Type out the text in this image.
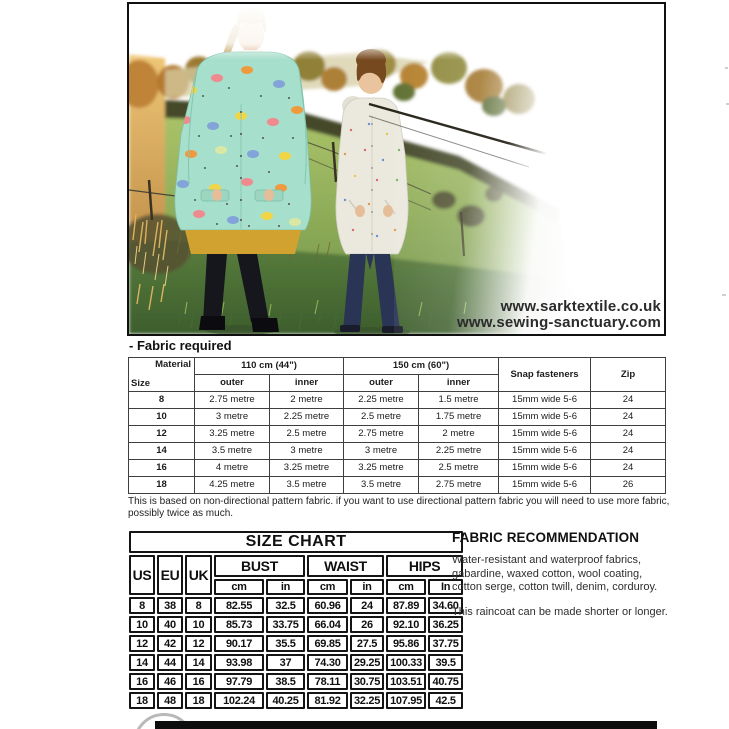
www.sarktextile.co.uk
www.sewing-sanctuary.com
- Fabric required
Material
Size	110 cm (44")		150 cm (60")		Snap fasteners	Zip
	outer	inner	outer	inner		
8	2.75 metre	2 metre	2.25 metre	1.5 metre	15mm wide 5-6	24
10	3 metre	2.25 metre	2.5 metre	1.75 metre	15mm wide 5-6	24
12	3.25 metre	2.5 metre	2.75 metre	2 metre	15mm wide 5-6	24
14	3.5 metre	3 metre	3 metre	2.25 metre	15mm wide 5-6	24
16	4 metre	3.25 metre	3.25 metre	2.5 metre	15mm wide 5-6	24
18	4.25 metre	3.5 metre	3.5 metre	2.75 metre	15mm wide 5-6	26
This is based on non-directional pattern fabric. if you want to use directional pattern fabric you will need to use more fabric, possibly twice as much.
SIZE CHART								
US	EU	UK	BUST		WAIST		HIPS	
			cm	in	cm	in	cm	In
8	38	8	82.55	32.5	60.96	24	87.89	34.60
10	40	10	85.73	33.75	66.04	26	92.10	36.25
12	42	12	90.17	35.5	69.85	27.5	95.86	37.75
14	44	14	93.98	37	74.30	29.25	100.33	39.5
16	46	16	97.79	38.5	78.11	30.75	103.51	40.75
18	48	18	102.24	40.25	81.92	32.25	107.95	42.5
FABRIC RECOMMENDATION

Water-resistant and waterproof fabrics, gabardine, waxed cotton, wool coating, cotton serge, cotton twill, denim, corduroy.

This raincoat can be made shorter or longer.
